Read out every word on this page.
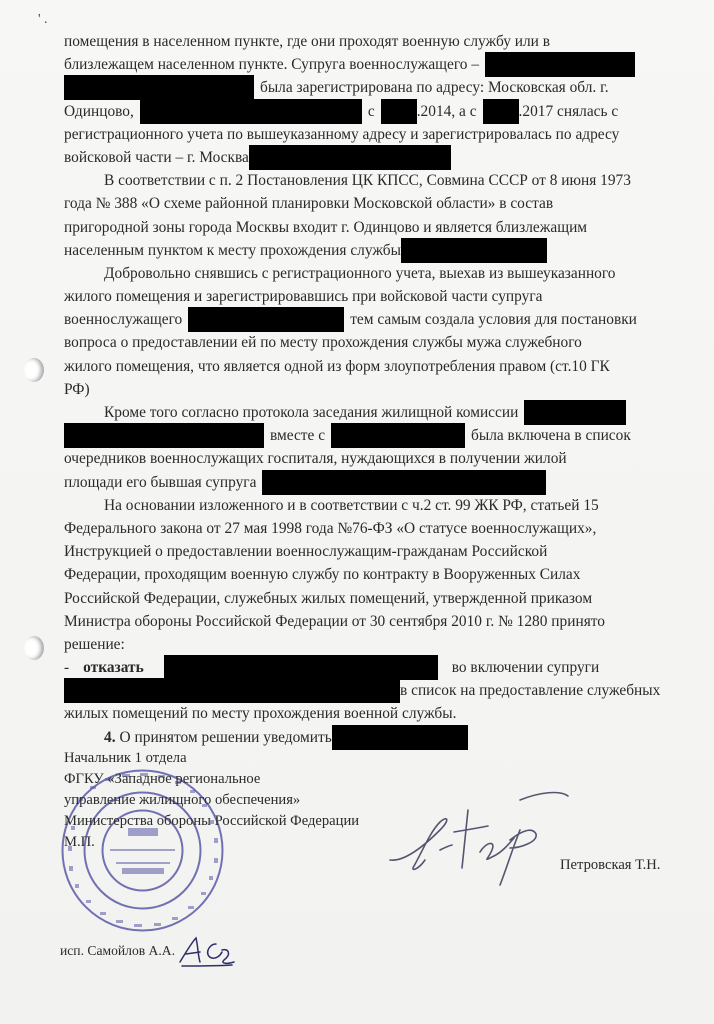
' .
помещения в населенном пункте, где они проходят военную службу или в
близлежащем населенном пункте. Супруга военнослужащего –
была зарегистрирована по адресу: Московская обл. г.
Одинцово,	с	.2014, а с	.2017 снялась с
регистрационного учета по вышеуказанному адресу и зарегистрировалась по адресу
войсковой части – г. Москва
В соответствии с п. 2 Постановления ЦК КПСС, Совмина СССР от 8 июня 1973
года № 388 «О схеме районной планировки Московской области» в состав
пригородной зоны города Москвы входит г. Одинцово и является близлежащим
населенным пунктом к месту прохождения службы
Добровольно снявшись с регистрационного учета, выехав из вышеуказанного
жилого помещения и зарегистрировавшись при войсковой части супруга
военнослужащего	тем самым создала условия для постановки
вопроса о предоставлении ей по месту прохождения службы мужа служебного
жилого помещения, что является одной из форм злоупотребления правом (ст.10 ГК
РФ)
Кроме того согласно протокола заседания жилищной комиссии
вместе с	была включена в список
очередников военнослужащих госпиталя, нуждающихся в получении жилой
площади его бывшая супруга
На основании изложенного и в соответствии с ч.2 ст. 99 ЖК РФ, статьей 15
Федерального закона от 27 мая 1998 года №76-ФЗ «О статусе военнослужащих»,
Инструкцией о предоставлении военнослужащим-гражданам Российской
Федерации, проходящим военную службу по контракту в Вооруженных Силах
Российской Федерации, служебных жилых помещений, утвержденной приказом
Министра обороны Российской Федерации от 30 сентября 2010 г. № 1280 принято
решение:
- отказать	во включении супруги
в список на предоставление служебных
жилых помещений по месту прохождения военной службы.
4. О принятом решении уведомить
Начальник 1 отдела
ФГКУ «Западное региональное
управление жилищного обеспечения»
Министерства обороны Российской Федерации
М.П.
Петровская Т.Н.
исп. Самойлов А.А.
